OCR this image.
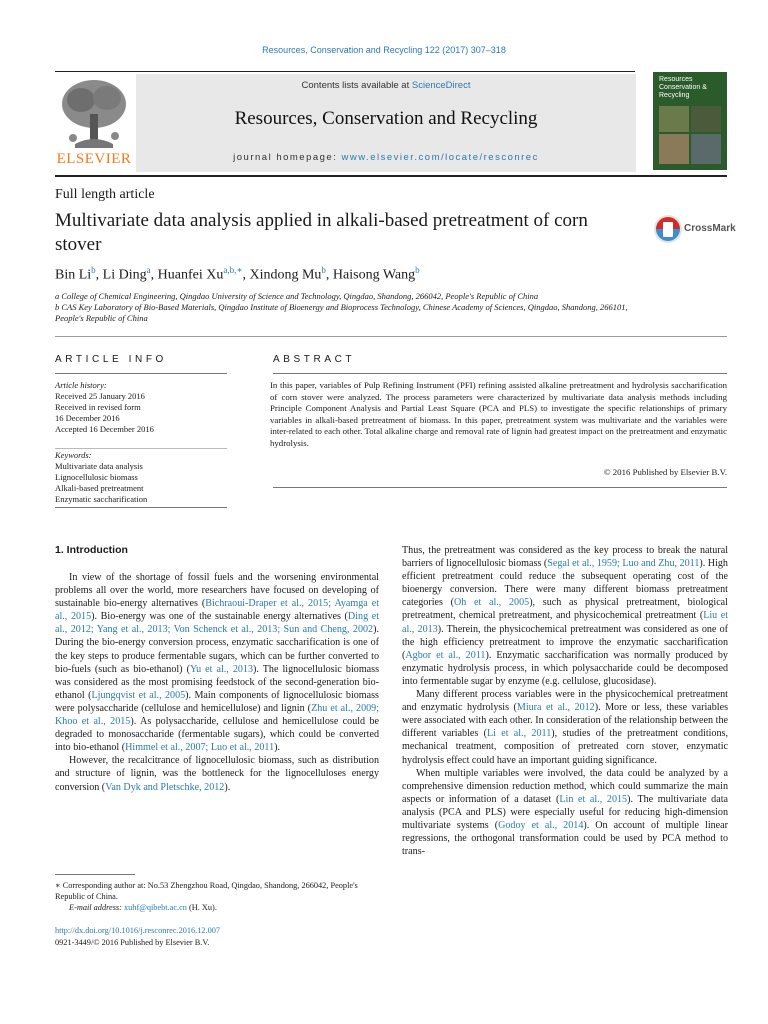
Resources, Conservation and Recycling 122 (2017) 307–318
Contents lists available at ScienceDirect
Resources, Conservation and Recycling
journal homepage: www.elsevier.com/locate/resconrec
ELSEVIER
Resources Conservation & Recycling
Full length article
Multivariate data analysis applied in alkali-based pretreatment of corn stover
CrossMark
Bin Li$^b$, Li Ding$^a$, Huanfei $Xu^{a,b,∗}$, Xindong Mu$^b$, Haisong Wang$^b$
a College of Chemical Engineering, Qingdao University of Science and Technology, Qingdao, Shandong, 266042, People's Republic of China
b CAS Key Laboratory of Bio-Based Materials, Qingdao Institute of Bioenergy and Bioprocess Technology, Chinese Academy of Sciences, Qingdao, Shandong, 266101, People's Republic of China
ARTICLE INFO	ABSTRACT
Article history:
Received 25 January 2016
Received in revised form
16 December 2016
Accepted 16 December 2016
Keywords:
Multivariate data analysis
Lignocellulosic biomass
Alkali-based pretreatment
Enzymatic saccharification
In this paper, variables of Pulp Refining Instrument (PFI) refining assisted alkaline pretreatment and hydrolysis saccharification of corn stover were analyzed. The process parameters were characterized by multivariate data analysis methods including Principle Component Analysis and Partial Least Square (PCA and PLS) to investigate the specific relationships of primary variables in alkali-based pretreatment of biomass. In this paper, pretreatment system was multivariate and the variables were inter-related to each other. Total alkaline charge and removal rate of lignin had greatest impact on the pretreatment and enzymatic hydrolysis.
© 2016 Published by Elsevier B.V.
1. Introduction

In view of the shortage of fossil fuels and the worsening environmental problems all over the world, more researchers have focused on developing of sustainable bio-energy alternatives (Bichraoui-Draper et al., 2015; Ayamga et al., 2015). Bio-energy was one of the sustainable energy alternatives (Ding et al., 2012; Yang et al., 2013; Von Schenck et al., 2013; Sun and Cheng, 2002). During the bio-energy conversion process, enzymatic saccharification is one of the key steps to produce fermentable sugars, which can be further converted to bio-fuels (such as bio-ethanol) (Yu et al., 2013). The lignocellulosic biomass was considered as the most promising feedstock of the second-generation bio-ethanol (Ljungqvist et al., 2005). Main components of lignocellulosic biomass were polysaccharide (cellulose and hemicellulose) and lignin (Zhu et al., 2009; Khoo et al., 2015). As polysaccharide, cellulose and hemicellulose could be degraded to monosaccharide (fermentable sugars), which could be converted into bio-ethanol (Himmel et al., 2007; Luo et al., 2011).

However, the recalcitrance of lignocellulosic biomass, such as distribution and structure of lignin, was the bottleneck for the lignocelluloses energy conversion (Van Dyk and Pletschke, 2012).

Thus, the pretreatment was considered as the key process to break the natural barriers of lignocellulosic biomass (Segal et al., 1959; Luo and Zhu, 2011). High efficient pretreatment could reduce the subsequent operating cost of the bioenergy conversion. There were many different biomass pretreatment categories (Oh et al., 2005), such as physical pretreatment, biological pretreatment, chemical pretreatment, and physicochemical pretreatment (Liu et al., 2013). Therein, the physicochemical pretreatment was considered as one of the high efficiency pretreatment to improve the enzymatic saccharification (Agbor et al., 2011). Enzymatic saccharification was normally produced by enzymatic hydrolysis process, in which polysaccharide could be decomposed into fermentable sugar by enzyme (e.g. cellulose, glucosidase).

Many different process variables were in the physicochemical pretreatment and enzymatic hydrolysis (Miura et al., 2012). More or less, these variables were associated with each other. In consideration of the relationship between the different variables (Li et al., 2011), studies of the pretreatment conditions, mechanical treatment, composition of pretreated corn stover, enzymatic hydrolysis effect could have an important guiding significance.

When multiple variables were involved, the data could be analyzed by a comprehensive dimension reduction method, which could summarize the main aspects or information of a dataset (Lin et al., 2015). The multivariate data analysis (PCA and PLS) were especially useful for reducing high-dimension multivariate systems (Godoy et al., 2014). On account of multiple linear regressions, the orthogonal transformation could be used by PCA method to trans-

∗ Corresponding author at: No.53 Zhengzhou Road, Qingdao, Shandong, 266042, People's Republic of China.
E-mail address: xuhf@qibebt.ac.cn (H. Xu).
http://dx.doi.org/10.1016/j.resconrec.2016.12.007
0921-3449/© 2016 Published by Elsevier B.V.
